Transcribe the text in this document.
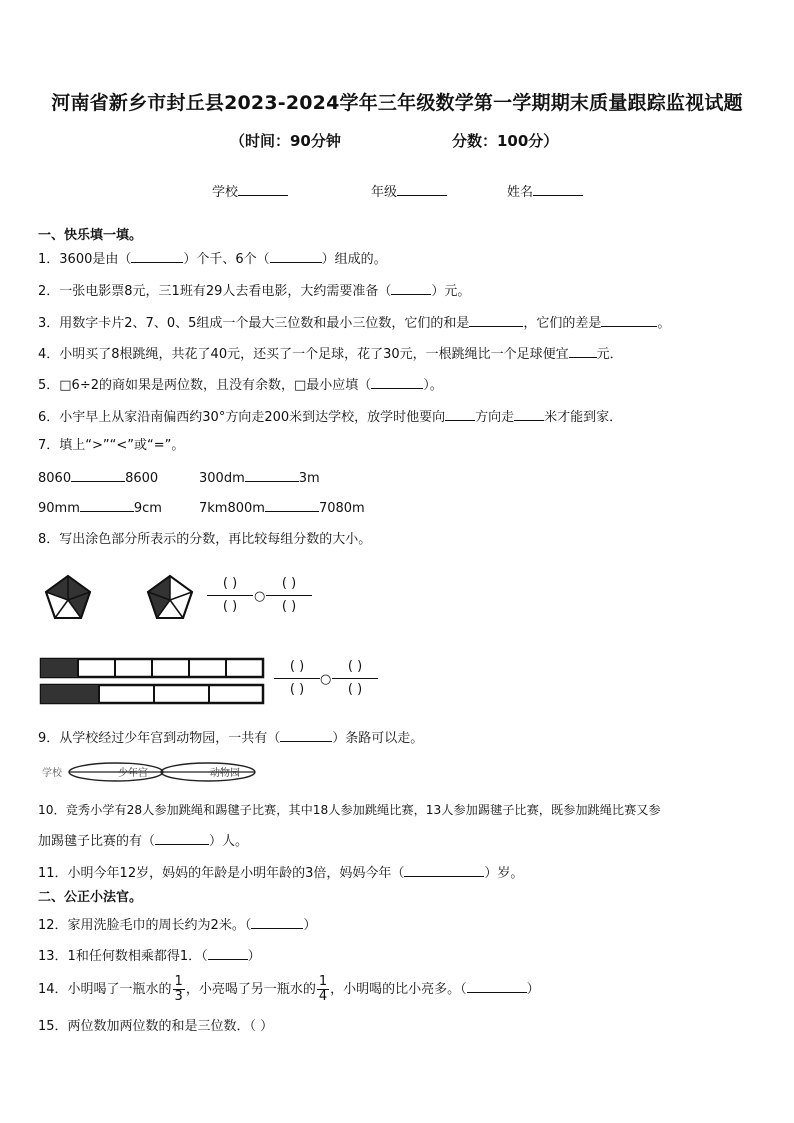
河南省新乡市封丘县2023-2024学年三年级数学第一学期期末质量跟踪监视试题
（时间：90分钟	分数：100分）
学校	年级	姓名
一、快乐填一填。
1．3600是由（	）个千、6个（	）组成的。
2．一张电影票8元，三1班有29人去看电影，大约需要准备（	）元。
3．用数字卡片2、7、0、5组成一个最大三位数和最小三位数，它们的和是	，它们的差是	。
4．小明买了8根跳绳，共花了40元，还买了一个足球，花了30元，一根跳绳比一个足球便宜 元．
5．□6÷2的商如果是两位数，且没有余数，□最小应填（	）。
6．小宇早上从家沿南偏西约30°方向走200米到达学校，放学时他要向 方向走 米才能到家．
7．填上“>”“<”或“=”。
8060	8600	300dm	3m
90mm	9cm	7km800m	7080m
8．写出涂色部分所表示的分数，再比较每组分数的大小。
( )
( )
○
( )
( )
( )
( )
○
( )
( )
9．从学校经过少年宫到动物园，一共有（	）条路可以走。
学校	少年宫	动物园
10．竞秀小学有28人参加跳绳和踢毽子比赛，其中18人参加跳绳比赛，13人参加踢毽子比赛，既参加跳绳比赛又参
加踢毽子比赛的有（	）人。
11．小明今年12岁，妈妈的年龄是小明年龄的3倍，妈妈今年（	）岁。
二、公正小法官。
12．家用洗脸毛巾的周长约为2米。（	）
13．1和任何数相乘都得1．（	）
14．小明喝了一瓶水的 $\frac{1}{3}$ ，小亮喝了另一瓶水的 $\frac{1}{4}$ ，小明喝的比小亮多。（	）
15．两位数加两位数的和是三位数．（ ）
